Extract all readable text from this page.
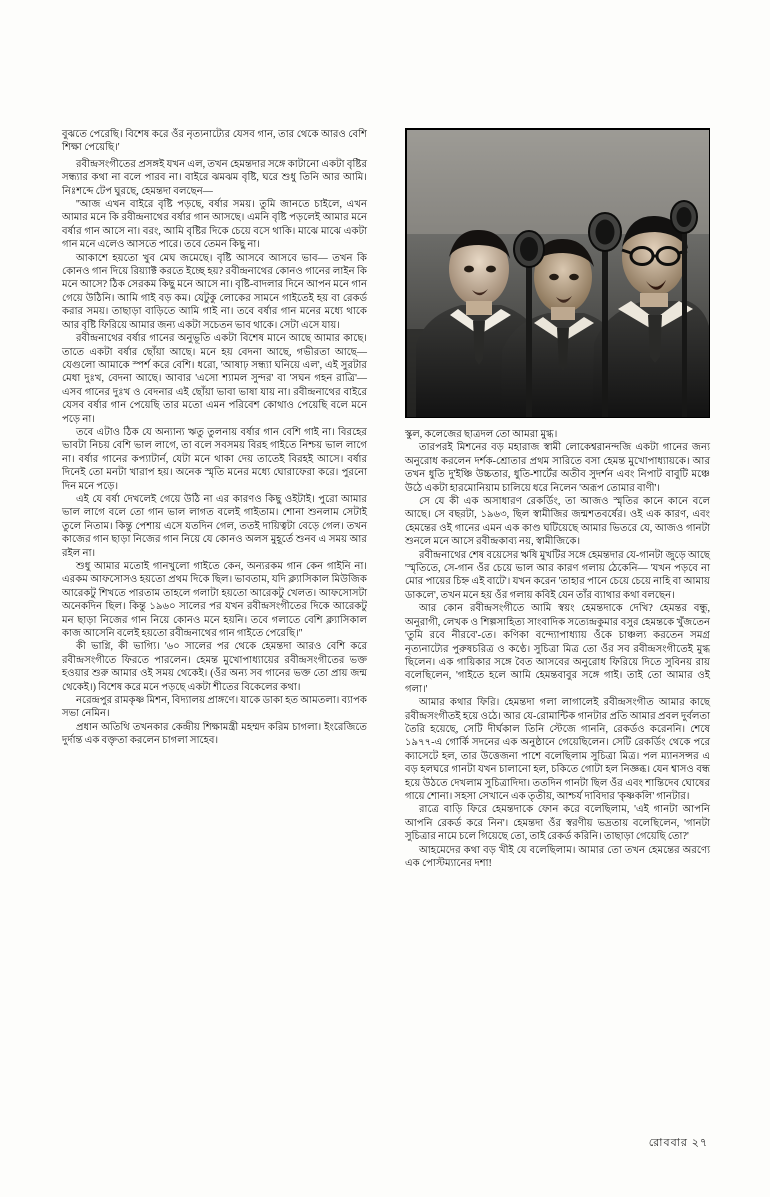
বুঝতে পেরেছি। বিশেষ করে ওঁর নৃত্যনাট্যের যেসব গান, তার থেকে আরও বেশি শিক্ষা পেয়েছি।'

রবীন্দ্রসংগীতের প্রসঙ্গই যখন এল, তখন হেমন্তদার সঙ্গে কাটানো একটা বৃষ্টির সন্ধ্যার কথা না বলে পারব না। বাইরে ঝমঝম বৃষ্টি, ঘরে শুধু তিনি আর আমি। নিঃশব্দে টেপ ঘুরছে, হেমন্তদা বলছেন—

''আজ এখন বাইরে বৃষ্টি পড়ছে, বর্ষার সময়। তুমি জানতে চাইলে, এখন আমার মনে কি রবীন্দ্রনাথের বর্ষার গান আসছে। এমনি বৃষ্টি পড়লেই আমার মনে বর্ষার গান আসে না। বরং, আমি বৃষ্টির দিকে চেয়ে বসে থাকি। মাঝে মাঝে একটা গান মনে এলেও আসতে পারে। তবে তেমন কিছু না।

আকাশে হয়তো খুব মেঘ জমেছে। বৃষ্টি আসবে আসবে ভাব— তখন কি কোনও গান দিয়ে রিয়্যাক্ট করতে ইচ্ছে হয়? রবীন্দ্রনাথের কোনও গানের লাইন কি মনে আসে? ঠিক সেরকম কিছু মনে আসে না। বৃষ্টি-বাদলার দিনে আপন মনে গান গেয়ে উঠিনি। আমি গাই বড় কম। যেটুকু লোকের সামনে গাইতেই হয় বা রেকর্ড করার সময়। তাছাড়া বাড়িতে আমি গাই না। তবে বর্ষার গান মনের মধ্যে থাকে আর বৃষ্টি ফিরিয়ে আমার জন্য একটা সচেতন ভাব থাকে। সেটা এসে যায়।

রবীন্দ্রনাথের বর্ষার গানের অনুভূতি একটা বিশেষ মানে আছে আমার কাছে। তাতে একটা বর্ষার ছোঁয়া আছে। মনে হয় বেদনা আছে, গভীরতা আছে— যেগুলো আমাকে স্পর্শ করে বেশি। ধরো, 'আষাঢ় সন্ধ্যা ঘনিয়ে এল', এই সুরটার মেধা দুঃখ, বেদনা আছে। আবার 'এসো শ্যামল সুন্দর' বা 'সঘন গহন রাত্রি'— এসব গানের দুঃখ ও বেদনার এই ছোঁয়া ভাবা ভাষা যায় না। রবীন্দ্রনাথের বাইরে যেসব বর্ষার গান পেয়েছি তার মতো এমন পরিবেশ কোথাও পেয়েছি বলে মনে পড়ে না।

তবে এটাও ঠিক যে অন্যান্য ঋতু তুলনায় বর্ষার গান বেশি গাই না। বিরহের ভাবটা নিচয় বেশি ভাল লাগে, তা বলে সবসময় বিরহ গাইতে নিশ্চয় ভাল লাগে না। বর্ষার গানের কপ্যাটার্ন, যেটা মনে থাকা দেয় তাতেই বিরহই আসে। বর্ষার দিনেই তো মনটা খারাপ হয়। অনেক স্মৃতি মনের মধ্যে ঘোরাফেরা করে। পুরনো দিন মনে পড়ে।

এই যে বর্ষা দেখলেই গেয়ে উঠি না এর কারণও কিছু ওইটাই। পুরো আমার ভাল লাগে বলে তো গান ভাল লাগত বলেই গাইতাম। শোনা শুনলাম সেটাই তুলে নিতাম। কিন্তু পেশায় এসে যতদিন গেল, ততই দায়িত্বটা বেড়ে গেল। তখন কাজের গান ছাড়া নিজের গান নিয়ে যে কোনও অলস মুহূর্তে শুনব এ সময় আর রইল না।

শুধু আমার মতোই গানখুলো গাইতে কেন, অন্যরকম গান কেন গাইনি না। এরকম আফসোসও হয়তো প্রথম দিকে ছিল। ভাবতাম, যদি ক্ল্যাসিকাল মিউজিক আরেকটু শিখতে পারতাম তাহলে গলাটা হয়তো আরেকটু খেলত। আফসোসটা অনেকদিন ছিল। কিন্তু ১৯৬০ সালের পর যখন রবীন্দ্রসংগীতের দিকে আরেকটু মন ছাড়া নিজের গান নিয়ে কোনও মনে হয়নি। তবে গলাতে বেশি ক্ল্যাসিকাল কাজ আসেনি বলেই হয়তো রবীন্দ্রনাথের গান গাইতে পেরেছি।''

কী ভাগ্নি, কী ভাগ্যি। '৬০ সালের পর থেকে হেমন্তদা আরও বেশি করে রবীন্দ্রসংগীতে ফিরতে পারলেন। হেমন্ত মুখোপাধ্যায়ের রবীন্দ্রসংগীতের ভক্ত হওয়ার শুরু আমার ওই সময় থেকেই। (ওঁর অন্য সব গানের ভক্ত তো প্রায় জন্ম থেকেই।) বিশেষ করে মনে পড়ছে একটা শীতের বিকেলের কথা।

নরেন্দ্রপুর রামকৃষ্ণ মিশন, বিদ্যালয় প্রাঙ্গণে। যাকে ডাকা হত আমতলা। ব্যাপক সভা নেমিন।

প্রধান অতিথি তখনকার কেন্দ্রীয় শিক্ষামন্ত্রী মহম্মদ করিম চাগলা। ইংরেজিতে দুর্দান্ত এক বক্তৃতা করলেন চাগলা সাহেব।

স্কুল, কলেজের ছাত্রদল তো আমরা মুগ্ধ।

তারপরই মিশনের বড় মহারাজ স্বামী লোকেশ্বরানন্দজি একটা গানের জন্য অনুরোধ করলেন দর্শক-শ্রোতার প্রথম সারিতে বসা হেমন্ত মুখোপাধ্যায়কে। আর তখন ধুতি দু'ইঞ্চি উচ্চতার, ধুতি-শার্টের অতীব সুদর্শন এবং নিপাট বাবুটি মঞ্চে উঠে একটা হারমোনিয়াম চালিয়ে ধরে নিলেন 'অরূপ তোমার বাণী'।

সে যে কী এক অসাধারণ রেকর্ডিং, তা আজও স্মৃতির কানে কানে বলে আছে। সে বছরটা, ১৯৬৩, ছিল স্বামীজির জন্মশতবর্ষের। ওই এক কারণ, এবং হেমন্তের ওই গানের এমন এক কাণ্ড ঘটিয়েছে আমার ভিতরে যে, আজও গানটা শুনলে মনে আসে রবীন্দ্রকাব্য নয়, স্বামীজিকে।

রবীন্দ্রনাথের শেষ বয়েসের ঋষি মুখটির সঙ্গে হেমন্তদার যে-গানটা জুড়ে আছে 'স্মৃতিতে, সে-গান ওঁর চেয়ে ভাল আর কারণ গলায় ঠেকেনি— 'যখন পড়বে না মোর পায়ের চিহ্ন এই বাটে'। যখন করেন 'তাহার পানে চেয়ে চেয়ে নাহি বা আমায় ডাকলে', তখন মনে হয় ওঁর গলায় কবিই যেন তাঁর ব্যাথার কথা বলছেন।

আর কোন রবীন্দ্রসংগীতে আমি স্বয়ং হেমন্তদাকে দেখি? হেমন্তর বন্ধু, অনুরাগী, লেখক ও শিল্পসাহিত্য সাংবাদিক সত্যেন্দ্রকুমার বসুর হেমন্তকে খুঁজতেন 'তুমি রবে নীরবে'-তে। কণিকা বন্দ্যোপাধ্যায় ওঁকে চাঞ্চল্য করতেন সমগ্র নৃত্যনাট্যের পুরুষচরিত্র ও কণ্ঠে। সুচিত্রা মিত্র তো ওঁর সব রবীন্দ্রসংগীতেই মুগ্ধ ছিলেন। এক গায়িকার সঙ্গে বৈত আসবের অনুরোধ ফিরিয়ে দিতে সুবিনয় রায় বলেছিলেন, 'গাইতে হলে আমি হেমন্তবাবুর সঙ্গে গাই। তাই তো আমার ওই গলা।'

আমার কথার ফিরি। হেমন্তদা গলা লাগালেই রবীন্দ্রসংগীত আমার কাছে রবীন্দ্রসংগীতই হয়ে ওঠে। আর যে-রোমান্টিক গানটার প্রতি আমার প্রবল দুর্বলতা তৈরি হয়েছে, সেটি দীর্ঘকাল তিনি স্টেজে গাননি, রেকর্ডও করেননি। শেষে ১৯৭৭-এ গোর্কি সদনের এক অনুষ্ঠানে গেয়েছিলেন। সেটি রেকর্ডিং থেকে পরে ক্যাসেটে হল, তার উত্তেজনা পাশে বলেছিলাম সুচিত্রা মিত্র। পল ম্যানসন্সর এ বড় হলঘরে গানটা যখন চালানো হল, চকিতে গোটা হল নিজ্ঞব্ধ। যেন শ্বাসও বন্ধ হয়ে উঠতে দেখলাম সুচিত্রাদিদা। ততদিন গানটা ছিল ওঁর এবং শান্তিদেব ঘোষের গায়ে শোনা। সহসা সেখানে এক তৃতীয়, আশ্চর্য দাবিদার 'কৃষ্ণকলি' গানটার।

রাত্রে বাড়ি ফিরে হেমন্তদাকে ফোন করে বলেছিলাম, 'এই গানটা আপনি আপনি রেকর্ড করে নিন'। হেমন্তদা ওঁর স্বরণীয় ভদ্রতায় বলেছিলেন, 'গানটা সুচিত্রার নামে চলে গিয়েছে তো, তাই রেকর্ড করিনি। তাছাড়া গেয়েছি তো?'

আহমেদের কথা বড় খীই যে বলেছিলাম। আমার তো তখন হেমন্তের অরণ্যে এক পোস্টম্যানের দশা!

রোববার ২৭
